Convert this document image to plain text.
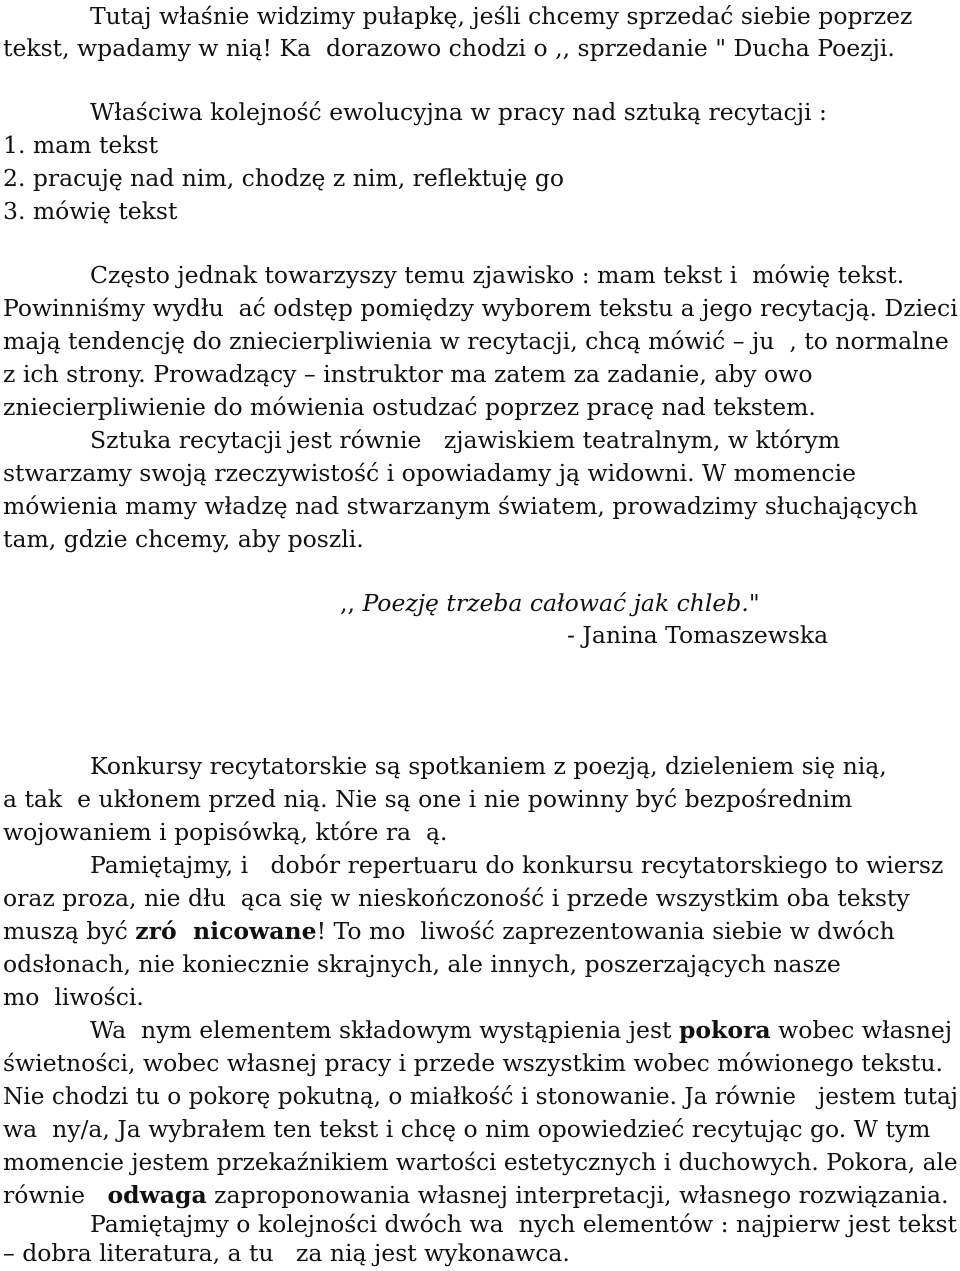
Tutaj właśnie widzimy pułapkę, jeśli chcemy sprzedać siebie poprzez
tekst, wpadamy w nią! Ka  dorazowo chodzi o ,, sprzedanie " Ducha Poezji.
Właściwa kolejność ewolucyjna w pracy nad sztuką recytacji :
1. mam tekst
2. pracuję nad nim, chodzę z nim, reflektuję go
3. mówię tekst
Często jednak towarzyszy temu zjawisko : mam tekst i  mówię tekst.
Powinniśmy wydłu  ać odstęp pomiędzy wyborem tekstu a jego recytacją. Dzieci
mają tendencję do zniecierpliwienia w recytacji, chcą mówić – ju  , to normalne
z ich strony. Prowadzący – instruktor ma zatem za zadanie, aby owo
zniecierpliwienie do mówienia ostudzać poprzez pracę nad tekstem.
Sztuka recytacji jest równie   zjawiskiem teatralnym, w którym
stwarzamy swoją rzeczywistość i opowiadamy ją widowni. W momencie
mówienia mamy władzę nad stwarzanym światem, prowadzimy słuchających
tam, gdzie chcemy, aby poszli.
,, Poezję trzeba całować jak chleb."
- Janina Tomaszewska
Konkursy recytatorskie są spotkaniem z poezją, dzieleniem się nią,
a tak  e ukłonem przed nią. Nie są one i nie powinny być bezpośrednim
wojowaniem i popisówką, które ra  ą.
Pamiętajmy, i   dobór repertuaru do konkursu recytatorskiego to wiersz
oraz proza, nie dłu  ąca się w nieskończoność i przede wszystkim oba teksty
muszą być zró  nicowane! To mo  liwość zaprezentowania siebie w dwóch
odsłonach, nie koniecznie skrajnych, ale innych, poszerzających nasze
mo  liwości.
Wa  nym elementem składowym wystąpienia jest pokora wobec własnej
świetności, wobec własnej pracy i przede wszystkim wobec mówionego tekstu.
Nie chodzi tu o pokorę pokutną, o miałkość i stonowanie. Ja równie   jestem tutaj
wa  ny/a, Ja wybrałem ten tekst i chcę o nim opowiedzieć recytując go. W tym
momencie jestem przekaźnikiem wartości estetycznych i duchowych. Pokora, ale
równie   odwaga zaproponowania własnej interpretacji, własnego rozwiązania.
Pamiętajmy o kolejności dwóch wa  nych elementów : najpierw jest tekst
– dobra literatura, a tu   za nią jest wykonawca.
